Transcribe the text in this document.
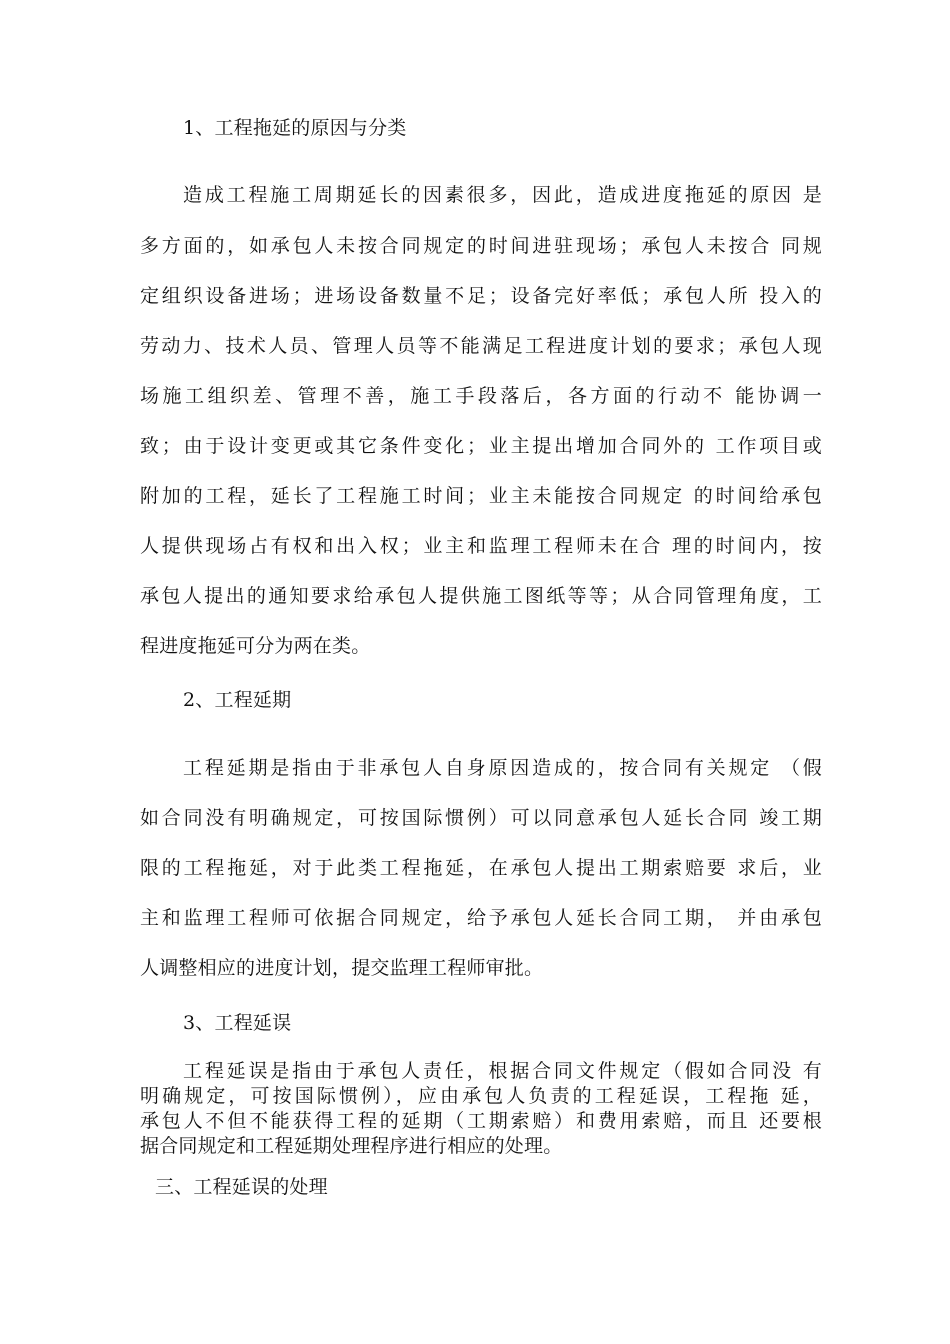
1、工程拖延的原因与分类
造成工程施工周期延长的因素很多，因此，造成进度拖延的原因 是
多方面的，如承包人未按合同规定的时间进驻现场；承包人未按合 同规
定组织设备进场；进场设备数量不足；设备完好率低；承包人所 投入的
劳动力、技术人员、管理人员等不能满足工程进度计划的要求；承包人现
场施工组织差、管理不善，施工手段落后，各方面的行动不 能协调一
致；由于设计变更或其它条件变化；业主提出增加合同外的 工作项目或
附加的工程，延长了工程施工时间；业主未能按合同规定 的时间给承包
人提供现场占有权和出入权；业主和监理工程师未在合 理的时间内，按
承包人提出的通知要求给承包人提供施工图纸等等；从合同管理角度，工
程进度拖延可分为两在类。
2、工程延期
工程延期是指由于非承包人自身原因造成的，按合同有关规定 （假
如合同没有明确规定，可按国际惯例）可以同意承包人延长合同 竣工期
限的工程拖延，对于此类工程拖延，在承包人提出工期索赔要 求后，业
主和监理工程师可依据合同规定，给予承包人延长合同工期， 并由承包
人调整相应的进度计划，提交监理工程师审批。
3、工程延误
工程延误是指由于承包人责任，根据合同文件规定（假如合同没 有
明确规定，可按国际惯例），应由承包人负责的工程延误，工程拖 延，
承包人不但不能获得工程的延期（工期索赔）和费用索赔，而且 还要根
据合同规定和工程延期处理程序进行相应的处理。
三、工程延误的处理
